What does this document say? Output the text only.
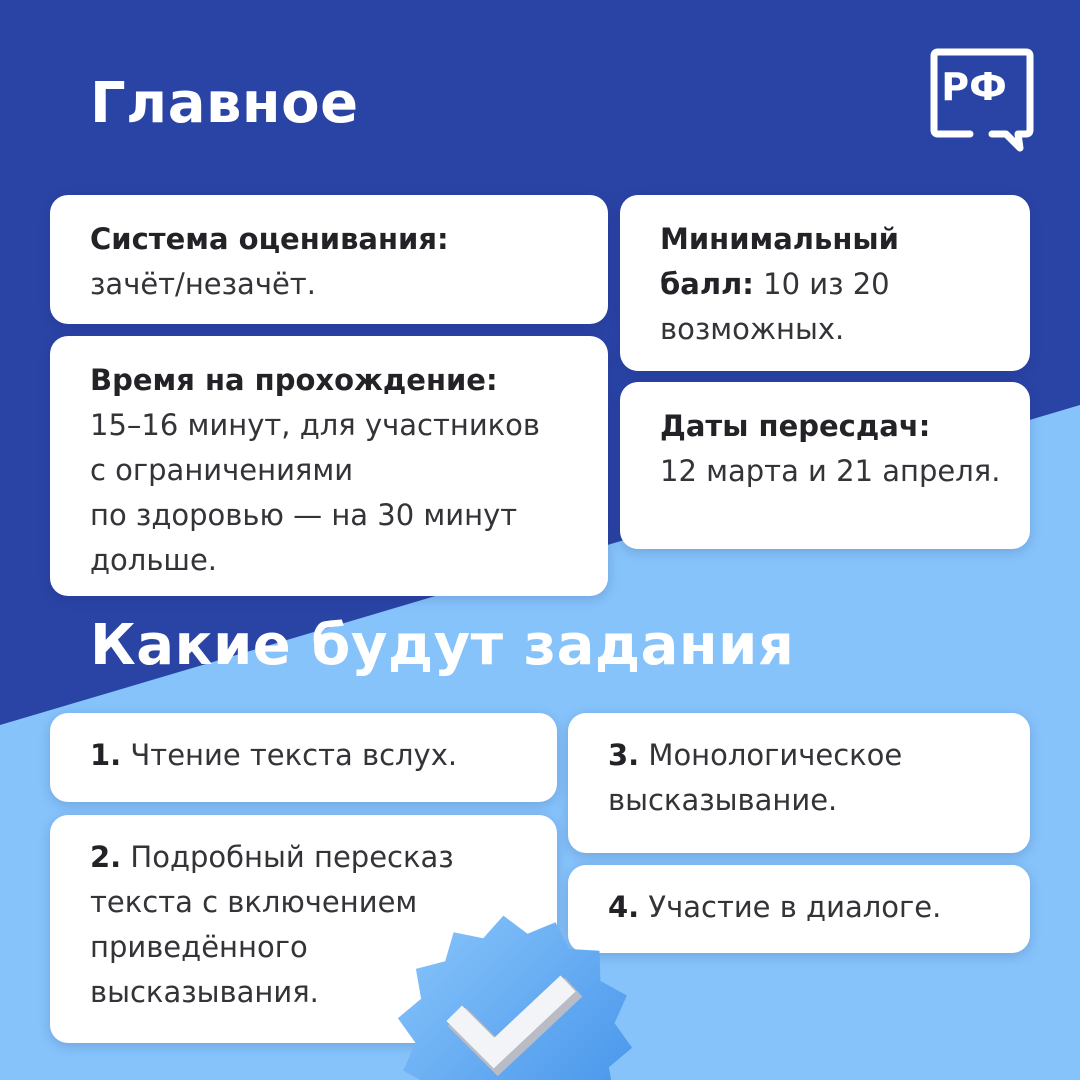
Главное	РФ
Система оценивания:
зачёт/незачёт.
Минимальный
балл: 10 из 20
возможных.
Время на прохождение:
15–16 минут, для участников
с ограничениями
по здоровью — на 30 минут
дольше.
Даты пересдач:
12 марта и 21 апреля.
Какие будут задания
1. Чтение текста вслух.
2. Подробный пересказ
текста с включением
приведённого
высказывания.
3. Монологическое
высказывание.
4. Участие в диалоге.
